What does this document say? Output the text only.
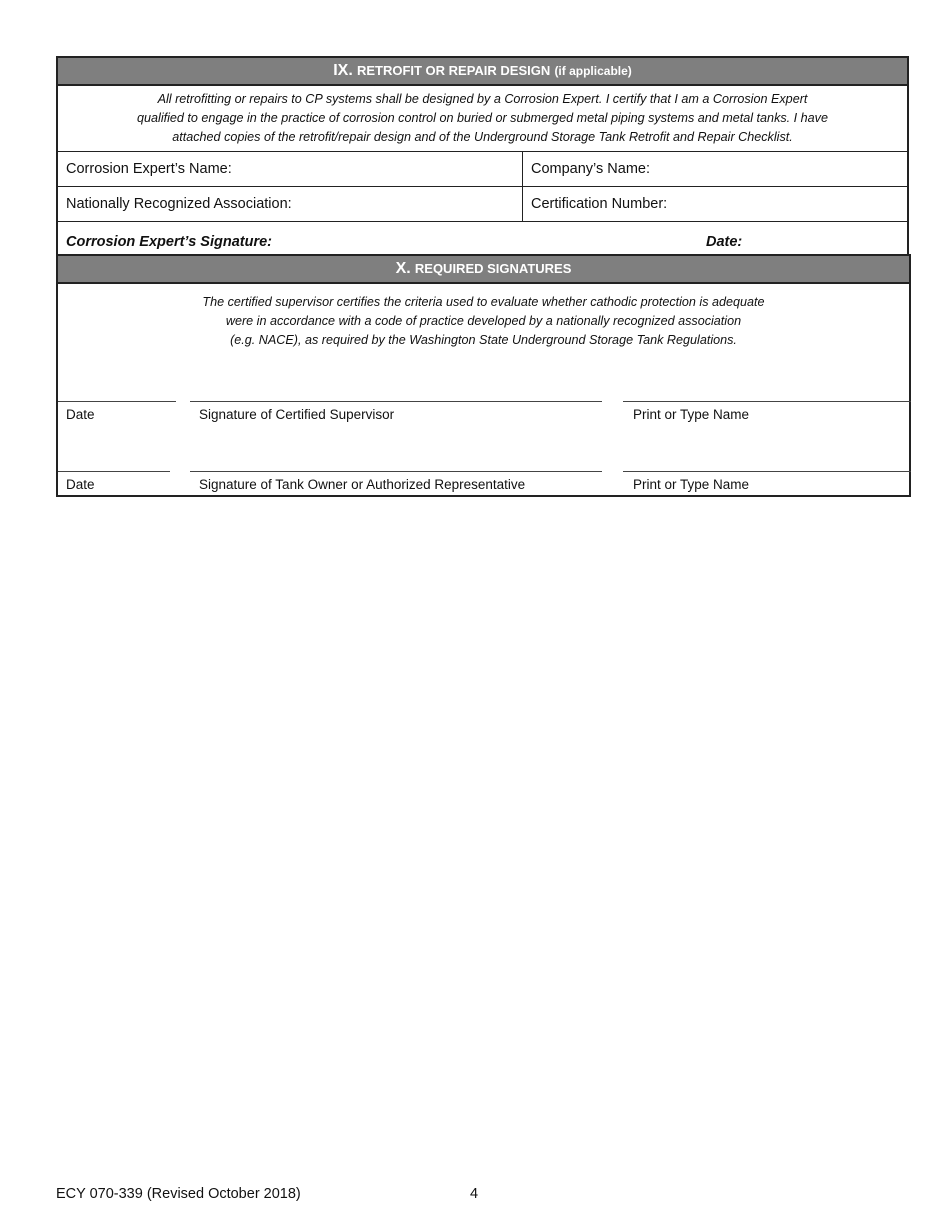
IX. RETROFIT OR REPAIR DESIGN (if applicable)
All retrofitting or repairs to CP systems shall be designed by a Corrosion Expert. I certify that I am a Corrosion Expert
qualified to engage in the practice of corrosion control on buried or submerged metal piping systems and metal tanks. I have
attached copies of the retrofit/repair design and of the Underground Storage Tank Retrofit and Repair Checklist.
Corrosion Expert’s Name:	Company’s Name:
Nationally Recognized Association:	Certification Number:
Corrosion Expert’s Signature:	Date:
X. REQUIRED SIGNATURES
The certified supervisor certifies the criteria used to evaluate whether cathodic protection is adequate
were in accordance with a code of practice developed by a nationally recognized association
(e.g. NACE), as required by the Washington State Underground Storage Tank Regulations.
Date	Signature of Certified Supervisor	Print or Type Name
Date	Signature of Tank Owner or Authorized Representative	Print or Type Name
ECY 070-339 (Revised October 2018)	4
